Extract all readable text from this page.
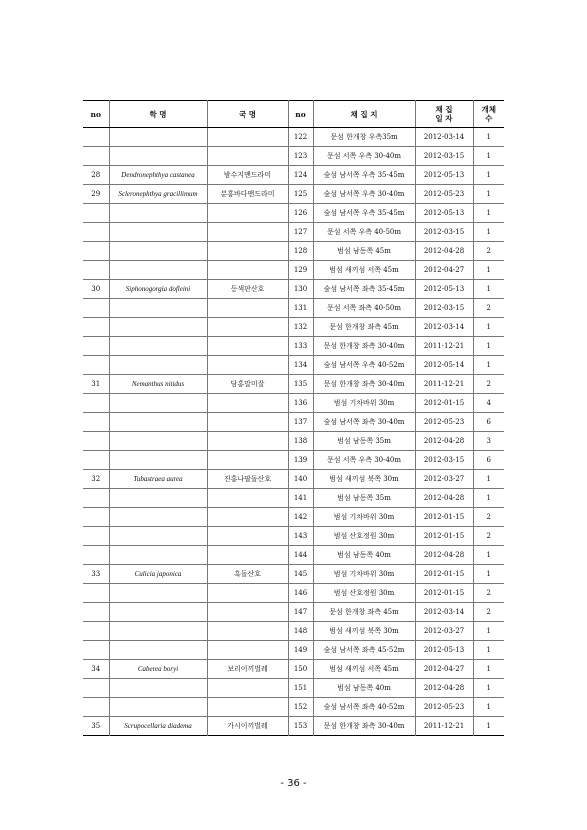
no	학 명	국 명	no	채 집 지	채 집
일 자	개체
수
			122	문섬 한개창 우측35m	2012-03-14	1
			123	문섬 서쪽 우측 30-40m	2012-03-15	1
28	Dendronephthya castanea	밤수지맨드라미	124	숲섬 남서쪽 우측 35-45m	2012-05-13	1
29	Scleronephthya gracillimum	분홍바다맨드라미	125	숲섬 남서쪽 우측 30-40m	2012-05-23	1
			126	숲섬 남서쪽 우측 35-45m	2012-05-13	1
			127	문섬 서쪽 우측 40-50m	2012-03-15	1
			128	범섬 남동쪽 45m	2012-04-28	2
			129	범섬 새끼섬 서쪽 45m	2012-04-27	1
30	Siphonogorgia dofleini	등색판산호	130	숲섬 남서쪽 좌측 35-45m	2012-05-13	1
			131	문섬 서쪽 좌측 40-50m	2012-03-15	2
			132	문섬 한개창 좌측 45m	2012-03-14	1
			133	문섬 한개창 좌측 30-40m	2011-12-21	1
			134	숲섬 남서쪽 우측 40-52m	2012-05-14	1
31	Nemanthus nitidus	담홍말미잘	135	문섬 한개창 좌측 30-40m	2011-12-21	2
			136	범섬 기차바위 30m	2012-01-15	4
			137	숲섬 남서쪽 좌측 30-40m	2012-05-23	6
			138	범섬 남동쪽 35m	2012-04-28	3
			139	문섬 서쪽 우측 30-40m	2012-03-15	6
32	Tubastraea aurea	진홍나팔돌산호	140	범섬 새끼섬 북쪽 30m	2012-03-27	1
			141	범섬 남동쪽 35m	2012-04-28	1
			142	범섬 기차바위 30m	2012-01-15	2
			143	범섬 산호정원 30m	2012-01-15	2
			144	범섬 남동쪽 40m	2012-04-28	1
33	Culicia japonica	흑돌산호	145	범섬 기차바위 30m	2012-01-15	1
			146	범섬 산호정원 30m	2012-01-15	2
			147	문섬 한개창 좌측 45m	2012-03-14	2
			148	범섬 새끼섬 북쪽 30m	2012-03-27	1
			149	숲섬 남서쪽 좌측 45-52m	2012-05-13	1
34	Caberea boryi	보리이끼벌레	150	범섬 새끼섬 서쪽 45m	2012-04-27	1
			151	범섬 남동쪽 40m	2012-04-28	1
			152	숲섬 남서쪽 좌측 40-52m	2012-05-23	1
35	Scrupocellaria diadema	가시이끼벌레	153	문섬 한개창 좌측 30-40m	2011-12-21	1
- 36 -
